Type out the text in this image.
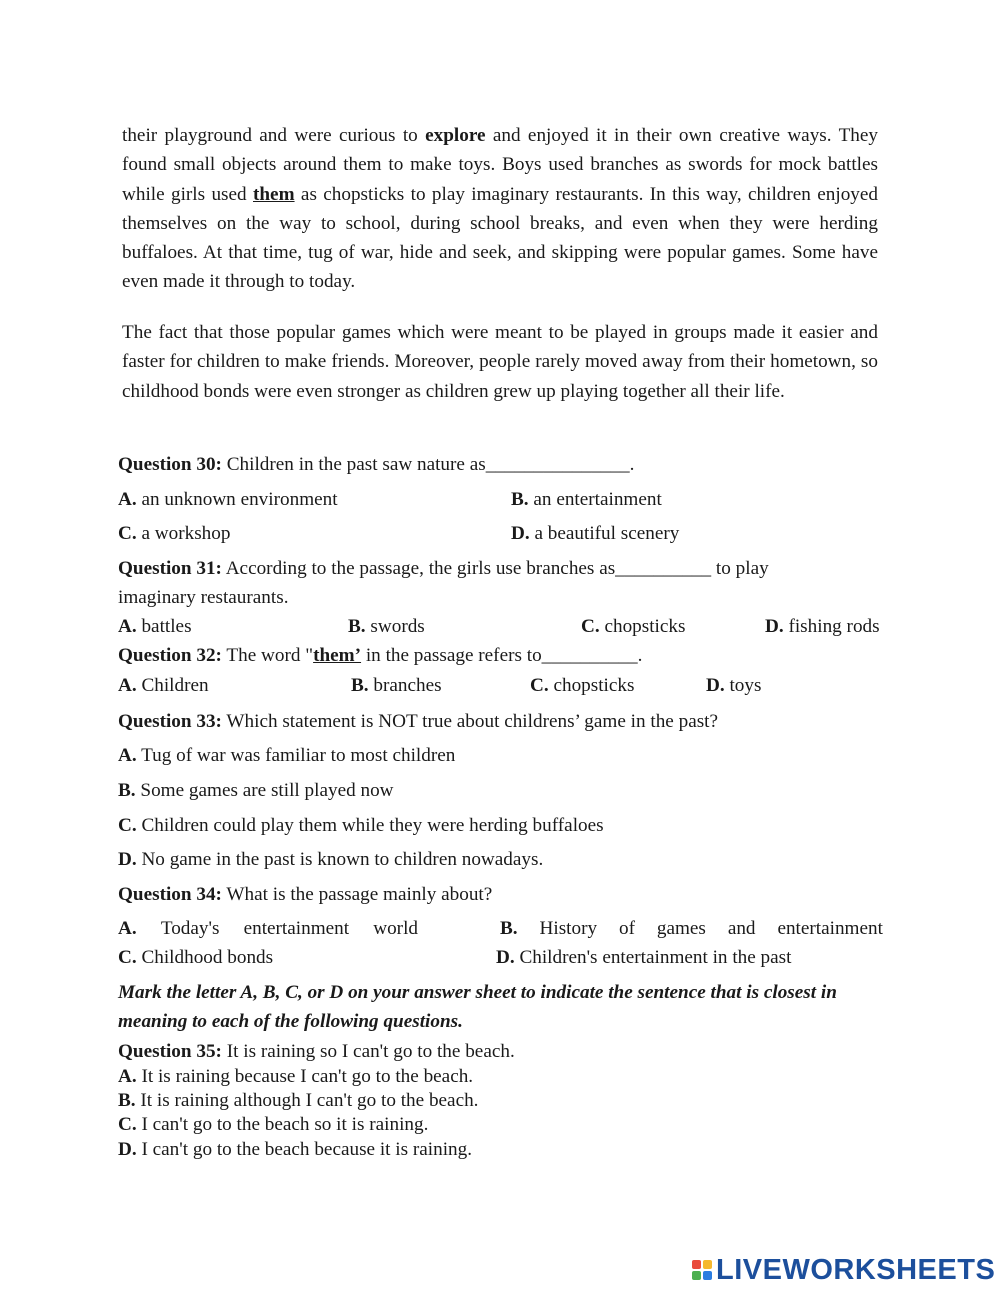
their playground and were curious to explore and enjoyed it in their own creative ways. They found small objects around them to make toys. Boys used branches as swords for mock battles while girls used them as chopsticks to play imaginary restaurants. In this way, children enjoyed themselves on the way to school, during school breaks, and even when they were herding buffaloes. At that time, tug of war, hide and seek, and skipping were popular games. Some have even made it through to today.

The fact that those popular games which were meant to be played in groups made it easier and faster for children to make friends. Moreover, people rarely moved away from their hometown, so childhood bonds were even stronger as children grew up playing together all their life.

Question 30: Children in the past saw nature as_______________.
A. an unknown environment	B. an entertainment
C. a workshop	D. a beautiful scenery
Question 31: According to the passage, the girls use branches as__________ to play
imaginary restaurants.
A. battles	B. swords	C. chopsticks	D. fishing rods
Question 32: The word "them’ in the passage refers to__________.
A. Children	B. branches	C. chopsticks	D. toys
Question 33: Which statement is NOT true about childrens’ game in the past?
A. Tug of war was familiar to most children
B. Some games are still played now
C. Children could play them while they were herding buffaloes
D. No game in the past is known to children nowadays.
Question 34: What is the passage mainly about?
A. Today's entertainment world	B. History of games and entertainment
C. Childhood bonds	D. Children's entertainment in the past

Mark the letter A, B, C, or D on your answer sheet to indicate the sentence that is closest in meaning to each of the following questions.

Question 35: It is raining so I can't go to the beach.
A. It is raining because I can't go to the beach.
B. It is raining although I can't go to the beach.
C. I can't go to the beach so it is raining.
D. I can't go to the beach because it is raining.
LIVEWORKSHEETS
